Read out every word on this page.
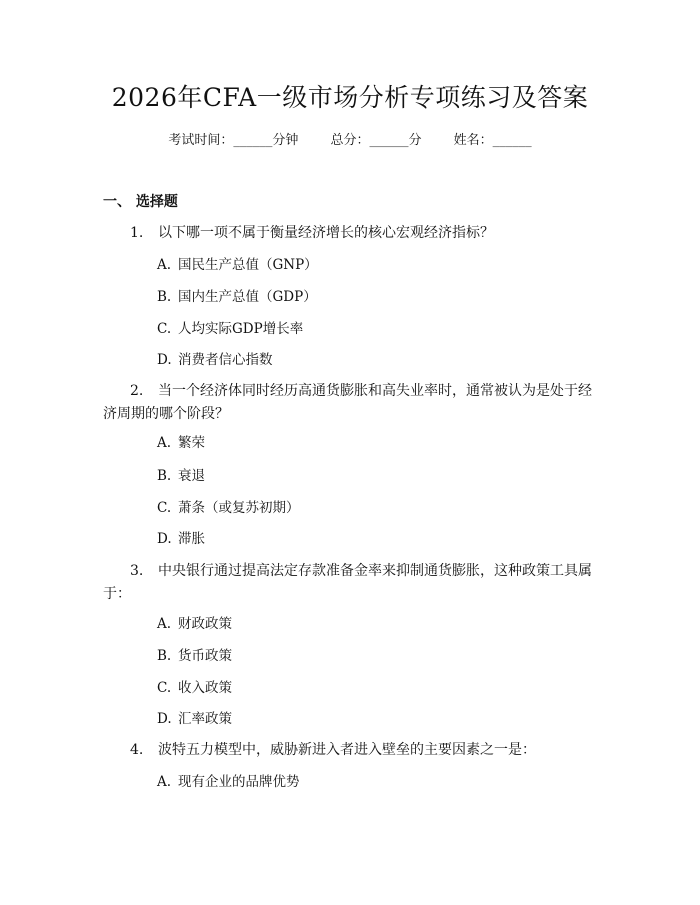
2026年CFA一级市场分析专项练习及答案
考试时间：______分钟 总分：______分 姓名：______
一、 选择题
1. 以下哪一项不属于衡量经济增长的核心宏观经济指标？
A. 国民生产总值（GNP）
B. 国内生产总值（GDP）
C. 人均实际GDP增长率
D. 消费者信心指数
2. 当一个经济体同时经历高通货膨胀和高失业率时，通常被认为是处于经济周期的哪个阶段？
A. 繁荣
B. 衰退
C. 萧条（或复苏初期）
D. 滞胀
3. 中央银行通过提高法定存款准备金率来抑制通货膨胀，这种政策工具属于：
A. 财政政策
B. 货币政策
C. 收入政策
D. 汇率政策
4. 波特五力模型中，威胁新进入者进入壁垒的主要因素之一是：
A. 现有企业的品牌优势
